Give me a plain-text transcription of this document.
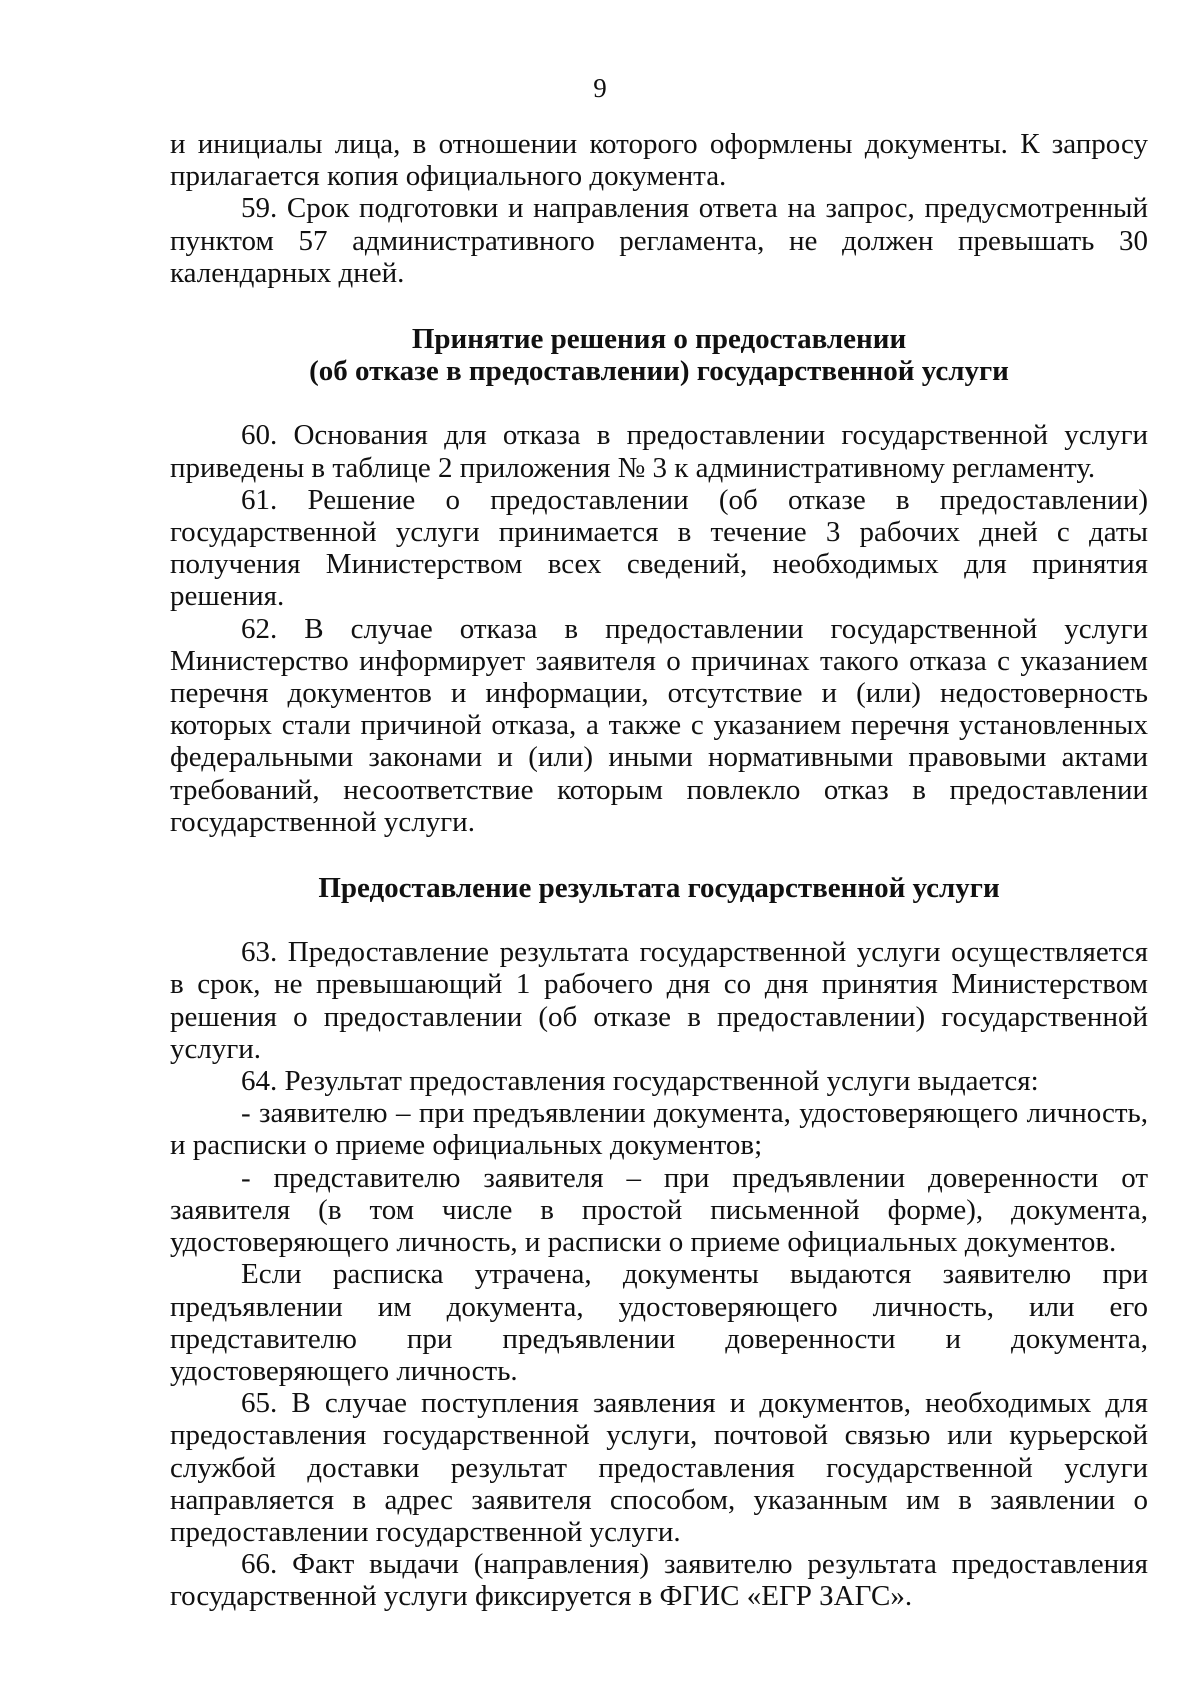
9

и инициалы лица, в отношении которого оформлены документы. К запросу прилагается копия официального документа.

59. Срок подготовки и направления ответа на запрос, предусмотренный пунктом 57 административного регламента, не должен превышать 30 календарных дней.

Принятие решения о предоставлении

(об отказе в предоставлении) государственной услуги

60. Основания для отказа в предоставлении государственной услуги приведены в таблице 2 приложения № 3 к административному регламенту.

61. Решение о предоставлении (об отказе в предоставлении) государственной услуги принимается в течение 3 рабочих дней с даты получения Министерством всех сведений, необходимых для принятия решения.

62. В случае отказа в предоставлении государственной услуги Министерство информирует заявителя о причинах такого отказа с указанием перечня документов и информации, отсутствие и (или) недостоверность которых стали причиной отказа, а также с указанием перечня установленных федеральными законами и (или) иными нормативными правовыми актами требований, несоответствие которым повлекло отказ в предоставлении государственной услуги.

Предоставление результата государственной услуги

63. Предоставление результата государственной услуги осуществляется в срок, не превышающий 1 рабочего дня со дня принятия Министерством решения о предоставлении (об отказе в предоставлении) государственной услуги.

64. Результат предоставления государственной услуги выдается:

- заявителю – при предъявлении документа, удостоверяющего личность, и расписки о приеме официальных документов;

- представителю заявителя – при предъявлении доверенности от заявителя (в том числе в простой письменной форме), документа, удостоверяющего личность, и расписки о приеме официальных документов.

Если расписка утрачена, документы выдаются заявителю при предъявлении им документа, удостоверяющего личность, или его представителю при предъявлении доверенности и документа, удостоверяющего личность.

65. В случае поступления заявления и документов, необходимых для предоставления государственной услуги, почтовой связью или курьерской службой доставки результат предоставления государственной услуги направляется в адрес заявителя способом, указанным им в заявлении о предоставлении государственной услуги.

66. Факт выдачи (направления) заявителю результата предоставления государственной услуги фиксируется в ФГИС «ЕГР ЗАГС».
